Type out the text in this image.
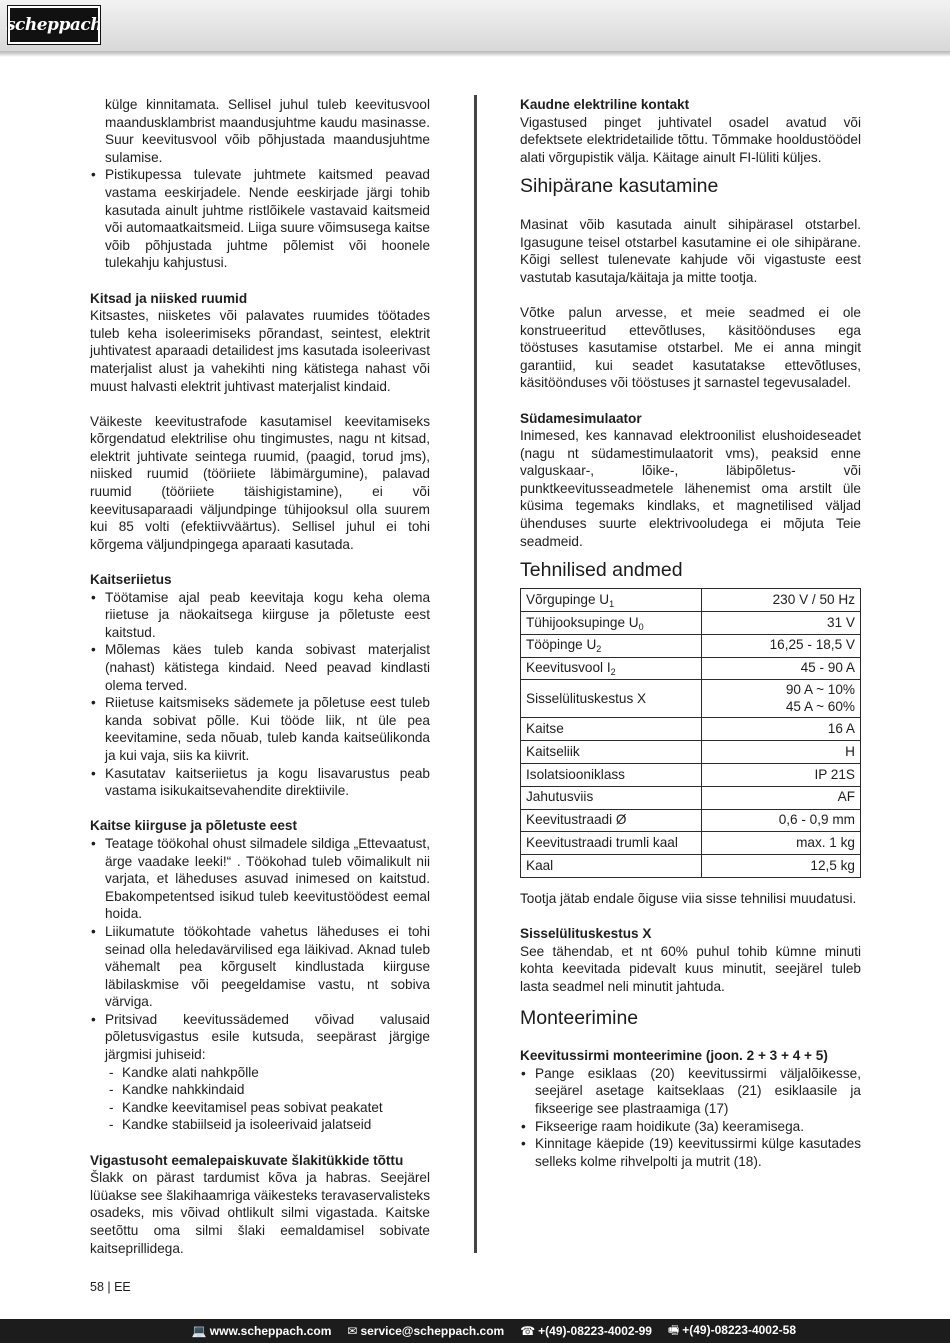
scheppach

külge kinnitamata. Sellisel juhul tuleb keevitusvool maandusklambrist maandusjuhtme kaudu masinasse. Suur keevitusvool võib põhjustada maandusjuhtme sulamise.

• Pistikupessa tulevate juhtmete kaitsmed peavad vastama eeskirjadele. Nende eeskirjade järgi tohib kasutada ainult juhtme ristlõikele vastavaid kaitsmeid või automaatkaitsmeid. Liiga suure võimsusega kaitse võib põhjustada juhtme põlemist või hoonele tulekahju kahjustusi.
Kitsad ja niisked ruumid

Kitsastes, niisketes või palavates ruumides töötades tuleb keha isoleerimiseks põrandast, seintest, elektrit juhtivatest aparaadi detailidest jms kasutada isoleerivast materjalist alust ja vahekihti ning kätistega nahast või muust halvasti elektrit juhtivast materjalist kindaid.

Väikeste keevitustrafode kasutamisel keevitamiseks kõrgendatud elektrilise ohu tingimustes, nagu nt kitsad, elektrit juhtivate seintega ruumid, (paagid, torud jms), niisked ruumid (tööriiete läbimärgumine), palavad ruumid (tööriiete täishigistamine), ei või keevitusaparaadi väljundpinge tühijooksul olla suurem kui 85 volti (efektiivväärtus). Sellisel juhul ei tohi kõrgema väljundpingega aparaati kasutada.

Kaitseriietus
• Töötamise ajal peab keevitaja kogu keha olema riietuse ja näokaitsega kiirguse ja põletuste eest kaitstud.
• Mõlemas käes tuleb kanda sobivast materjalist (nahast) kätistega kindaid. Need peavad kindlasti olema terved.
• Riietuse kaitsmiseks sädemete ja põletuse eest tuleb kanda sobivat põlle. Kui tööde liik, nt üle pea keevitamine, seda nõuab, tuleb kanda kaitseülikonda ja kui vaja, siis ka kiivrit.
• Kasutatav kaitseriietus ja kogu lisavarustus peab vastama isikukaitsevahendite direktiivile.
Kaitse kiirguse ja põletuste eest
• Teatage töökohal ohust silmadele sildiga „Ettevaatust, ärge vaadake leeki!“ . Töökohad tuleb võimalikult nii varjata, et läheduses asuvad inimesed on kaitstud. Ebakompetentsed isikud tuleb keevitustöödest eemal hoida.
• Liikumatute töökohtade vahetus läheduses ei tohi seinad olla heledavärvilised ega läikivad. Aknad tuleb vähemalt pea kõrguselt kindlustada kiirguse läbilaskmise või peegeldamise vastu, nt sobiva värviga.
• Pritsivad keevitussädemed võivad valusaid põletusvigastus esile kutsuda, seepärast järgige järgmisi juhiseid:
- Kandke alati nahkpõlle
- Kandke nahkkindaid
- Kandke keevitamisel peas sobivat peakatet
- Kandke stabiilseid ja isoleerivaid jalatseid
Vigastusoht eemalepaiskuvate šlakitükkide tõttu

Šlakk on pärast tardumist kõva ja habras. Seejärel lüüakse see šlakihaamriga väikesteks teravaservalisteks osadeks, mis võivad ohtlikult silmi vigastada. Kaitske seetõttu oma silmi šlaki eemaldamisel sobivate kaitseprillidega.

Kaudne elektriline kontakt

Vigastused pinget juhtivatel osadel avatud või defektsete elektridetailide tõttu. Tõmmake hooldustöödel alati võrgupistik välja. Käitage ainult FI-lüliti küljes.

Sihipärane kasutamine

Masinat võib kasutada ainult sihipärasel otstarbel. Igasugune teisel otstarbel kasutamine ei ole sihipärane. Kõigi sellest tulenevate kahjude või vigastuste eest vastutab kasutaja/käitaja ja mitte tootja.

Võtke palun arvesse, et meie seadmed ei ole konstrueeritud ettevõtluses, käsitöönduses ega tööstuses kasutamise otstarbel. Me ei anna mingit garantiid, kui seadet kasutatakse ettevõtluses, käsitöönduses või tööstuses jt sarnastel tegevusaladel.

Südamesimulaator

Inimesed, kes kannavad elektroonilist elushoideseadet (nagu nt südamestimulaatorit vms), peaksid enne valguskaar-, lõike-, läbipõletus- või punktkeevitusseadmetele lähenemist oma arstilt üle küsima tegemaks kindlaks, et magnetilised väljad ühenduses suurte elektrivooludega ei mõjuta Teie seadmeid.

Tehnilised andmed
Võrgupinge $U_1$	230 V / 50 Hz

Tühijooksupinge $U_0$	31 V

Tööpinge $U_2$	16,25 - 18,5 V

Keevitusvool $I_2$	45 - 90 A

Sisselülituskestus X	90 A ~ 10%
45 A ~ 60%

Kaitse	16 A

Kaitseliik	H

Isolatsiooniklass	IP 21S

Jahutusviis	AF

Keevitustraadi Ø	0,6 - 0,9 mm

Keevitustraadi trumli kaal	max. 1 kg

Kaal	12,5 kg

Tootja jätab endale õiguse viia sisse tehnilisi muudatusi.

Sisselülituskestus X

See tähendab, et nt 60% puhul tohib kümne minuti kohta keevitada pidevalt kuus minutit, seejärel tuleb lasta seadmel neli minutit jahtuda.

Monteerimine
Keevitussirmi monteerimine (joon. 2 + 3 + 4 + 5)
• Pange esiklaas (20) keevitussirmi väljalõikesse, seejärel asetage kaitseklaas (21) esiklaasile ja fikseerige see plastraamiga (17)
• Fikseerige raam hoidikute (3a) keeramisega.
• Kinnitage käepide (19) keevitussirmi külge kasutades selleks kolme rihvelpolti ja mutrit (18).
58 | EE
💻 www.scheppach.com ✉ service@scheppach.com ☎ +(49)-08223-4002-99 🖷 +(49)-08223-4002-58
